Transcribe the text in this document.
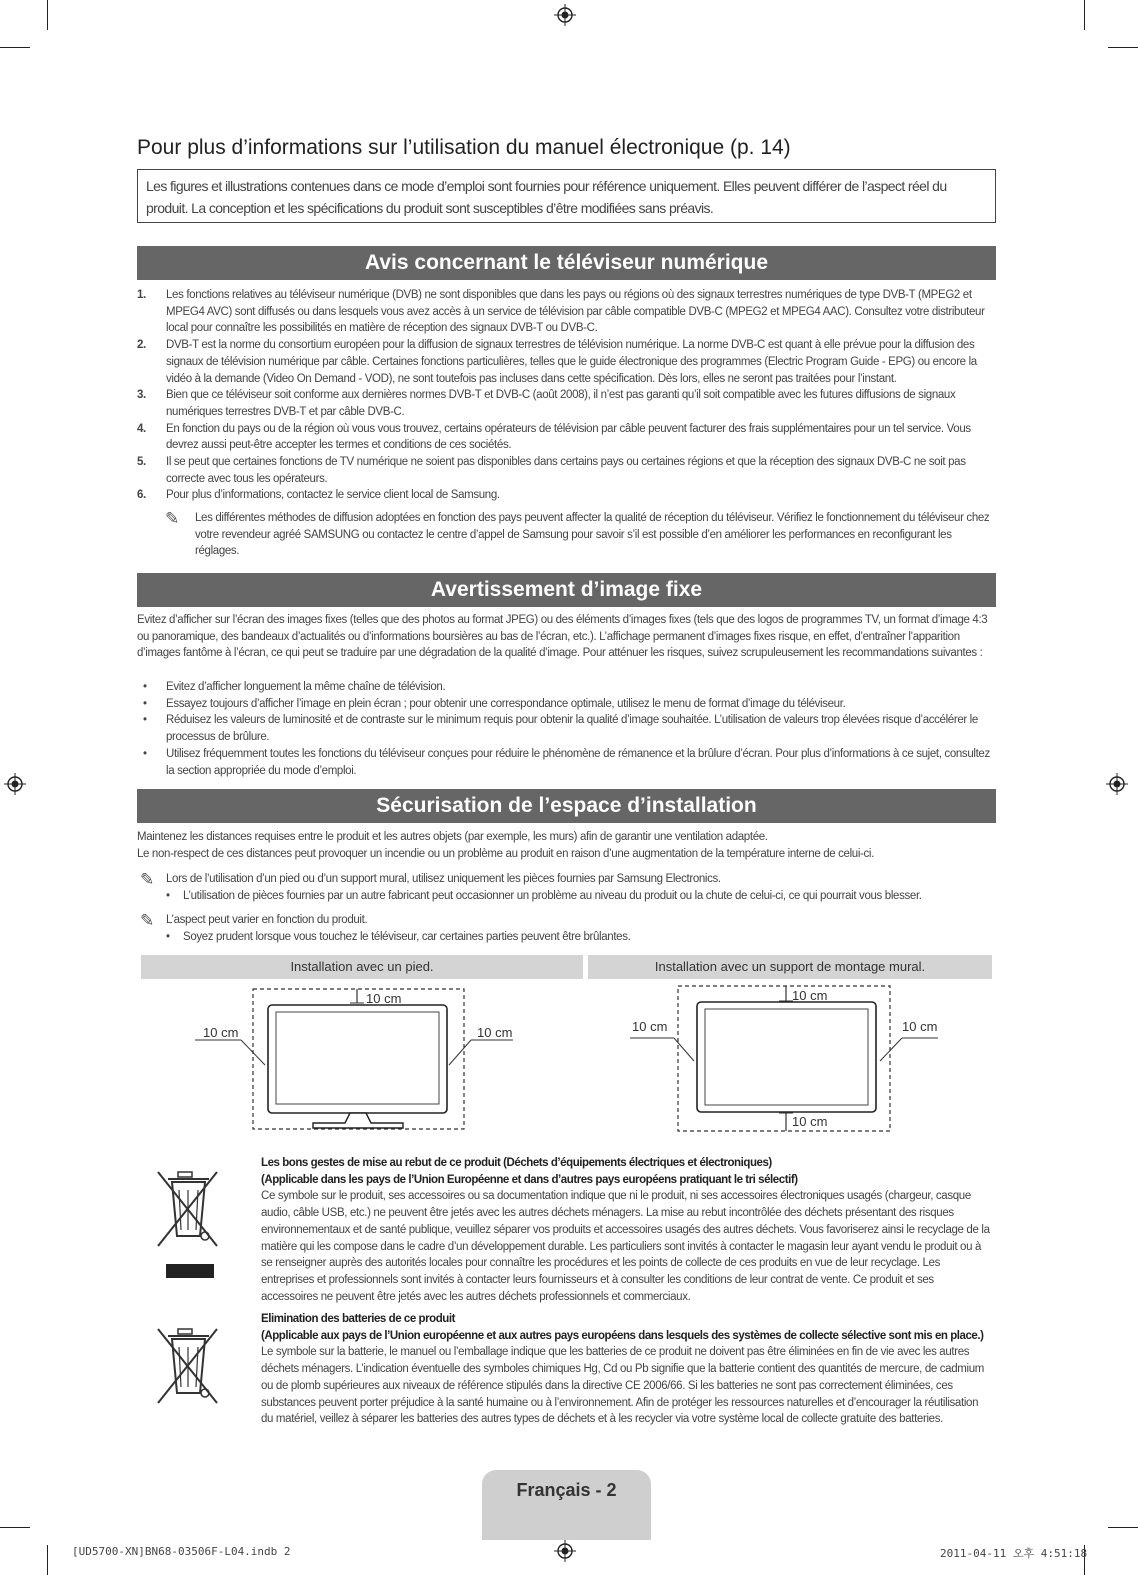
Pour plus d’informations sur l’utilisation du manuel électronique (p. 14)
Les figures et illustrations contenues dans ce mode d’emploi sont fournies pour référence uniquement. Elles peuvent différer de l’aspect réel du produit. La conception et les spécifications du produit sont susceptibles d’être modifiées sans préavis.
Avis concernant le téléviseur numérique
1. Les fonctions relatives au téléviseur numérique (DVB) ne sont disponibles que dans les pays ou régions où des signaux terrestres numériques de type DVB-T (MPEG2 et MPEG4 AVC) sont diffusés ou dans lesquels vous avez accès à un service de télévision par câble compatible DVB-C (MPEG2 et MPEG4 AAC). Consultez votre distributeur local pour connaître les possibilités en matière de réception des signaux DVB-T ou DVB-C.
2. DVB-T est la norme du consortium européen pour la diffusion de signaux terrestres de télévision numérique. La norme DVB-C est quant à elle prévue pour la diffusion des signaux de télévision numérique par câble. Certaines fonctions particulières, telles que le guide électronique des programmes (Electric Program Guide - EPG) ou encore la vidéo à la demande (Video On Demand - VOD), ne sont toutefois pas incluses dans cette spécification. Dès lors, elles ne seront pas traitées pour l’instant.
3. Bien que ce téléviseur soit conforme aux dernières normes DVB-T et DVB-C (août 2008), il n’est pas garanti qu’il soit compatible avec les futures diffusions de signaux numériques terrestres DVB-T et par câble DVB-C.
4. En fonction du pays ou de la région où vous vous trouvez, certains opérateurs de télévision par câble peuvent facturer des frais supplémentaires pour un tel service. Vous devrez aussi peut-être accepter les termes et conditions de ces sociétés.
5. Il se peut que certaines fonctions de TV numérique ne soient pas disponibles dans certains pays ou certaines régions et que la réception des signaux DVB-C ne soit pas correcte avec tous les opérateurs.
6. Pour plus d’informations, contactez le service client local de Samsung.
✎ Les différentes méthodes de diffusion adoptées en fonction des pays peuvent affecter la qualité de réception du téléviseur. Vérifiez le fonctionnement du téléviseur chez votre revendeur agréé SAMSUNG ou contactez le centre d’appel de Samsung pour savoir s’il est possible d’en améliorer les performances en reconfigurant les réglages.
Avertissement d’image fixe
Evitez d’afficher sur l’écran des images fixes (telles que des photos au format JPEG) ou des éléments d’images fixes (tels que des logos de programmes TV, un format d’image 4:3 ou panoramique, des bandeaux d’actualités ou d’informations boursières au bas de l’écran, etc.). L’affichage permanent d’images fixes risque, en effet, d’entraîner l’apparition d’images fantôme à l’écran, ce qui peut se traduire par une dégradation de la qualité d’image. Pour atténuer les risques, suivez scrupuleusement les recommandations suivantes :
• Evitez d’afficher longuement la même chaîne de télévision.
• Essayez toujours d’afficher l’image en plein écran ; pour obtenir une correspondance optimale, utilisez le menu de format d’image du téléviseur.
• Réduisez les valeurs de luminosité et de contraste sur le minimum requis pour obtenir la qualité d’image souhaitée. L’utilisation de valeurs trop élevées risque d’accélérer le processus de brûlure.
• Utilisez fréquemment toutes les fonctions du téléviseur conçues pour réduire le phénomène de rémanence et la brûlure d’écran. Pour plus d’informations à ce sujet, consultez la section appropriée du mode d’emploi.
Sécurisation de l’espace d’installation
Maintenez les distances requises entre le produit et les autres objets (par exemple, les murs) afin de garantir une ventilation adaptée.
Le non-respect de ces distances peut provoquer un incendie ou un problème au produit en raison d’une augmentation de la température interne de celui-ci.
✎ Lors de l’utilisation d’un pied ou d’un support mural, utilisez uniquement les pièces fournies par Samsung Electronics.
• L’utilisation de pièces fournies par un autre fabricant peut occasionner un problème au niveau du produit ou la chute de celui-ci, ce qui pourrait vous blesser.
✎ L’aspect peut varier en fonction du produit.
• Soyez prudent lorsque vous touchez le téléviseur, car certaines parties peuvent être brûlantes.
Installation avec un pied.	Installation avec un support de montage mural.
10 cm
10 cm	10 cm
10 cm
10 cm	10 cm
10 cm
Les bons gestes de mise au rebut de ce produit (Déchets d’équipements électriques et électroniques)
(Applicable dans les pays de l’Union Européenne et dans d’autres pays européens pratiquant le tri sélectif)
Ce symbole sur le produit, ses accessoires ou sa documentation indique que ni le produit, ni ses accessoires électroniques usagés (chargeur, casque audio, câble USB, etc.) ne peuvent être jetés avec les autres déchets ménagers. La mise au rebut incontrôlée des déchets présentant des risques environnementaux et de santé publique, veuillez séparer vos produits et accessoires usagés des autres déchets. Vous favoriserez ainsi le recyclage de la matière qui les compose dans le cadre d’un développement durable. Les particuliers sont invités à contacter le magasin leur ayant vendu le produit ou à se renseigner auprès des autorités locales pour connaître les procédures et les points de collecte de ces produits en vue de leur recyclage. Les entreprises et professionnels sont invités à contacter leurs fournisseurs et à consulter les conditions de leur contrat de vente. Ce produit et ses accessoires ne peuvent être jetés avec les autres déchets professionnels et commerciaux.
Elimination des batteries de ce produit
(Applicable aux pays de l’Union européenne et aux autres pays européens dans lesquels des systèmes de collecte sélective sont mis en place.)
Le symbole sur la batterie, le manuel ou l’emballage indique que les batteries de ce produit ne doivent pas être éliminées en fin de vie avec les autres déchets ménagers. L’indication éventuelle des symboles chimiques Hg, Cd ou Pb signifie que la batterie contient des quantités de mercure, de cadmium ou de plomb supérieures aux niveaux de référence stipulés dans la directive CE 2006/66. Si les batteries ne sont pas correctement éliminées, ces substances peuvent porter préjudice à la santé humaine ou à l’environnement. Afin de protéger les ressources naturelles et d’encourager la réutilisation du matériel, veillez à séparer les batteries des autres types de déchets et à les recycler via votre système local de collecte gratuite des batteries.
Français - 2
[UD5700-XN]BN68-03506F-L04.indb 2	2011-04-11 오후 4:51:18
